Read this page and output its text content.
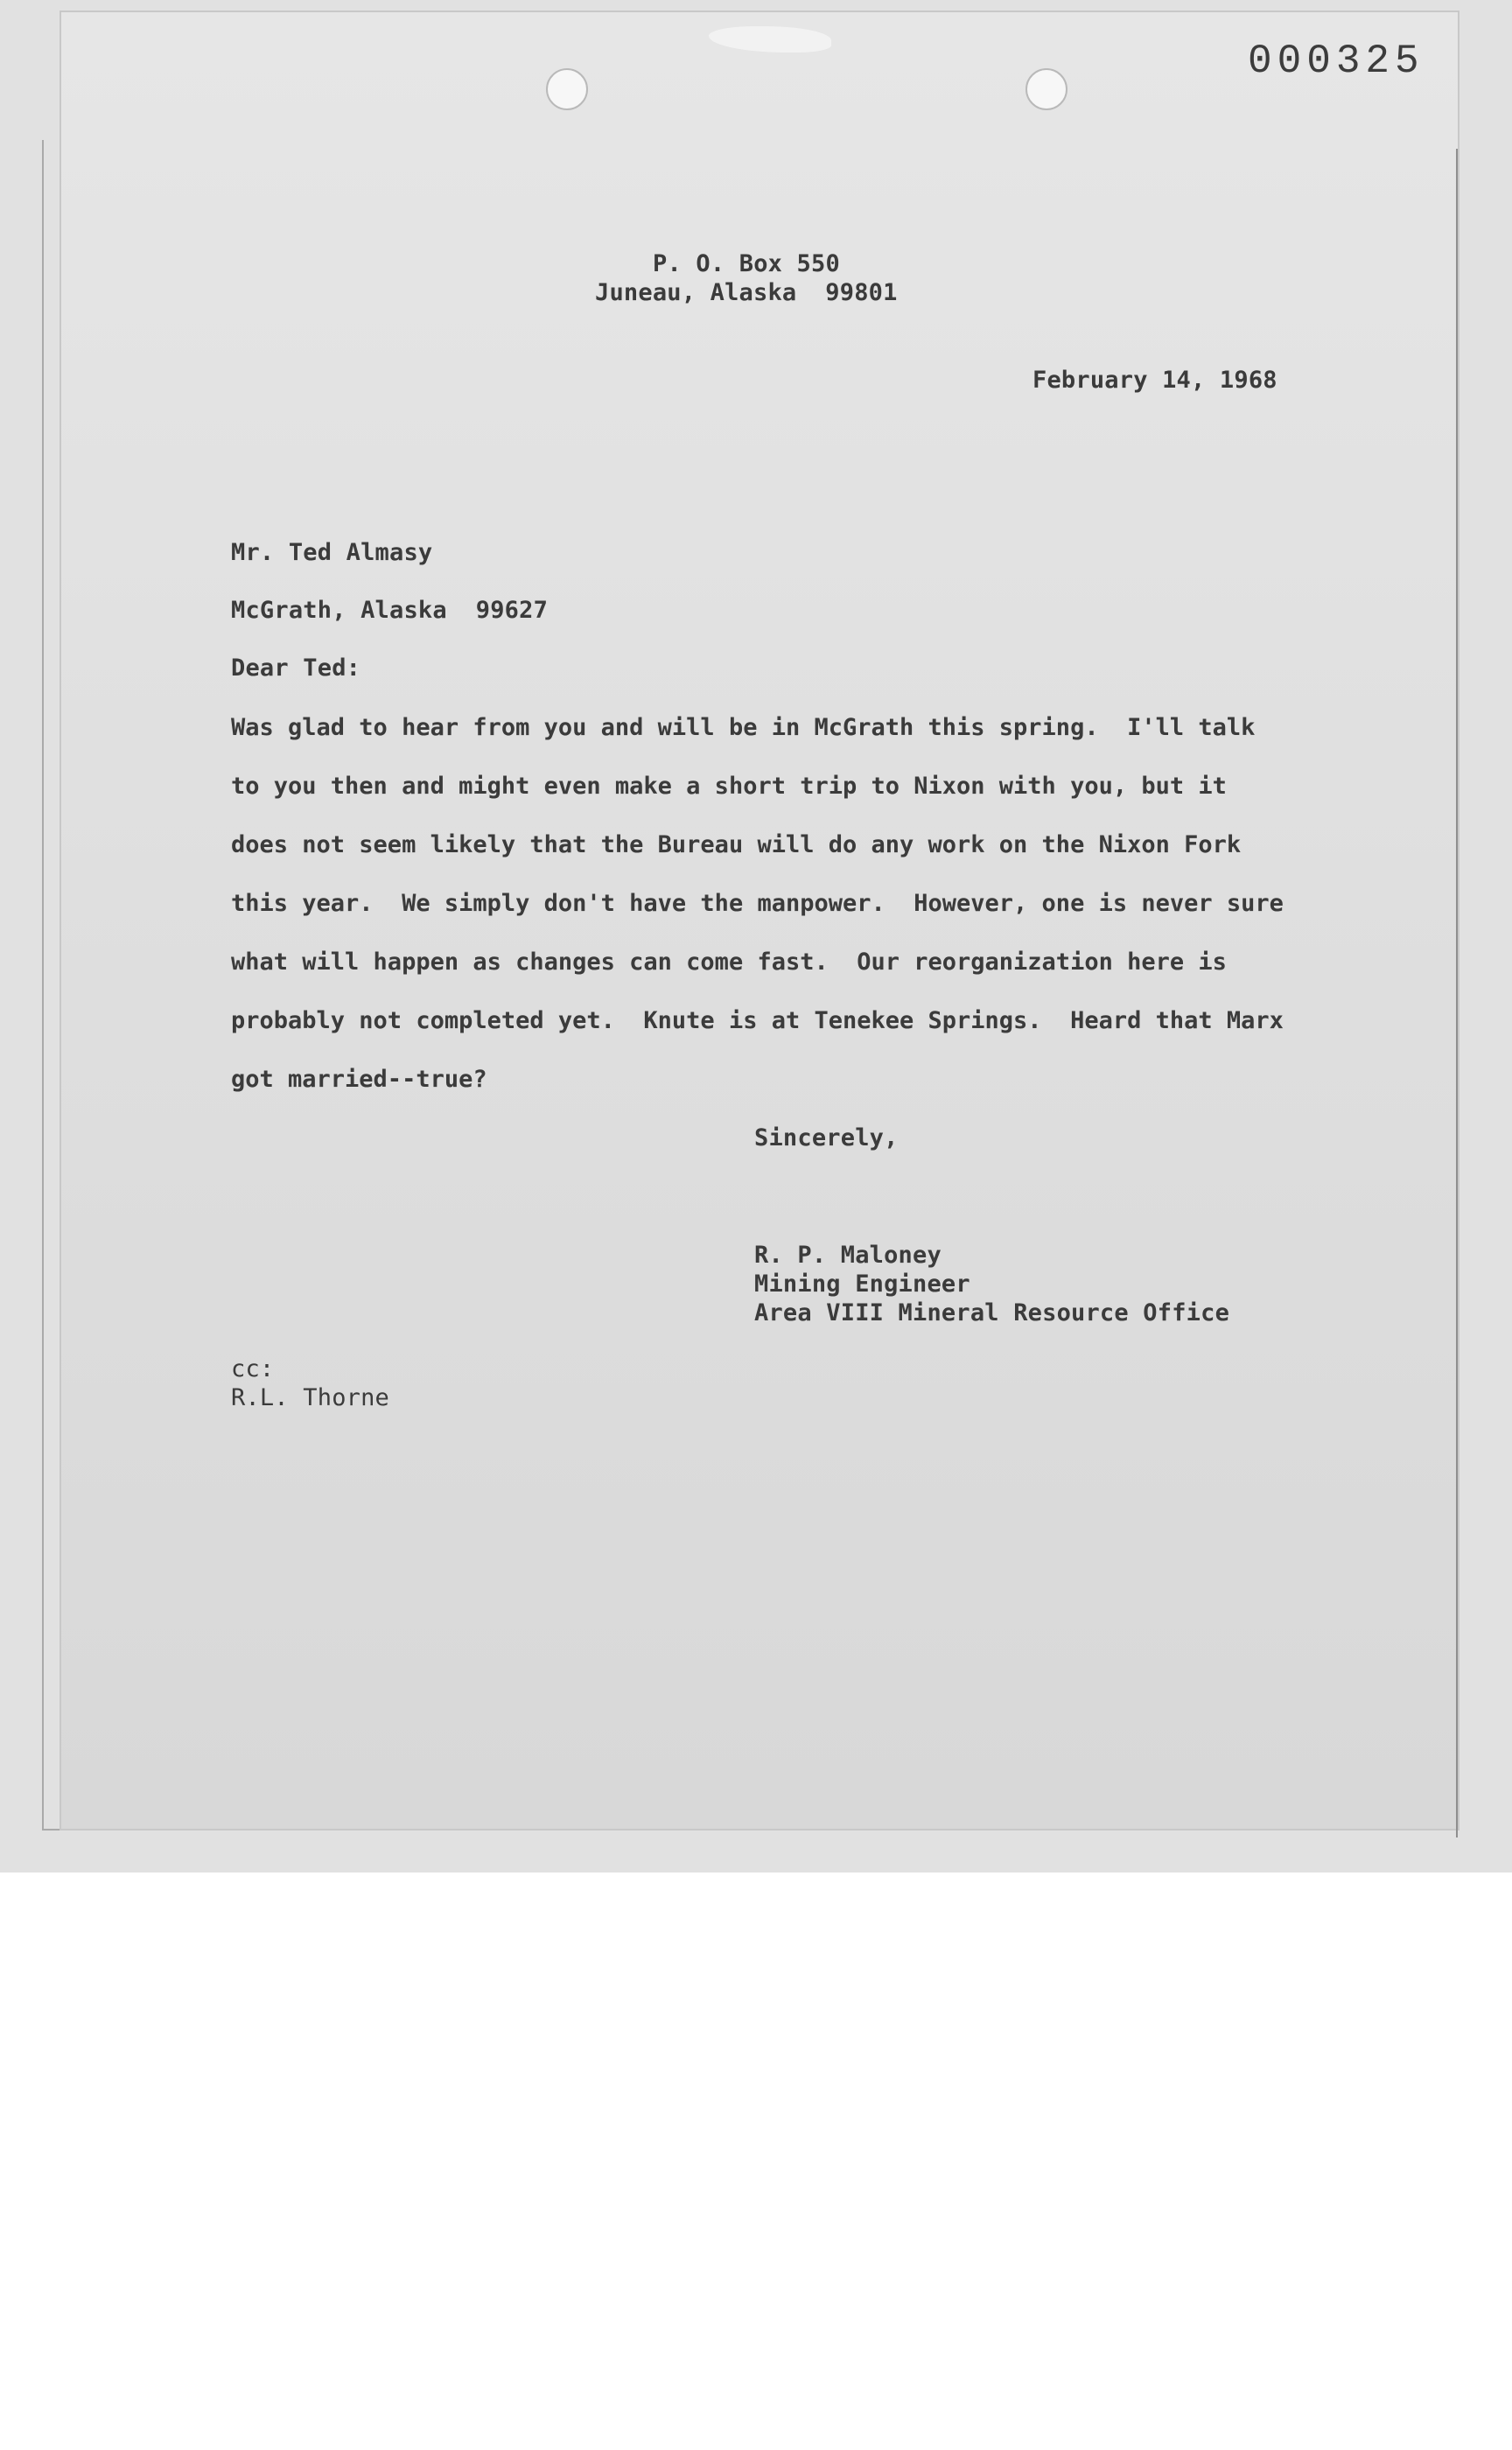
000325
P. O. Box 550
Juneau, Alaska  99801
February 14, 1968
Mr. Ted Almasy
McGrath, Alaska  99627
Dear Ted:
Was glad to hear from you and will be in McGrath this spring.  I'll talk
to you then and might even make a short trip to Nixon with you, but it
does not seem likely that the Bureau will do any work on the Nixon Fork
this year.  We simply don't have the manpower.  However, one is never sure
what will happen as changes can come fast.  Our reorganization here is
probably not completed yet.  Knute is at Tenekee Springs.  Heard that Marx
got married--true?
Sincerely,
R. P. Maloney
Mining Engineer
Area VIII Mineral Resource Office
cc:
R.L. Thorne
